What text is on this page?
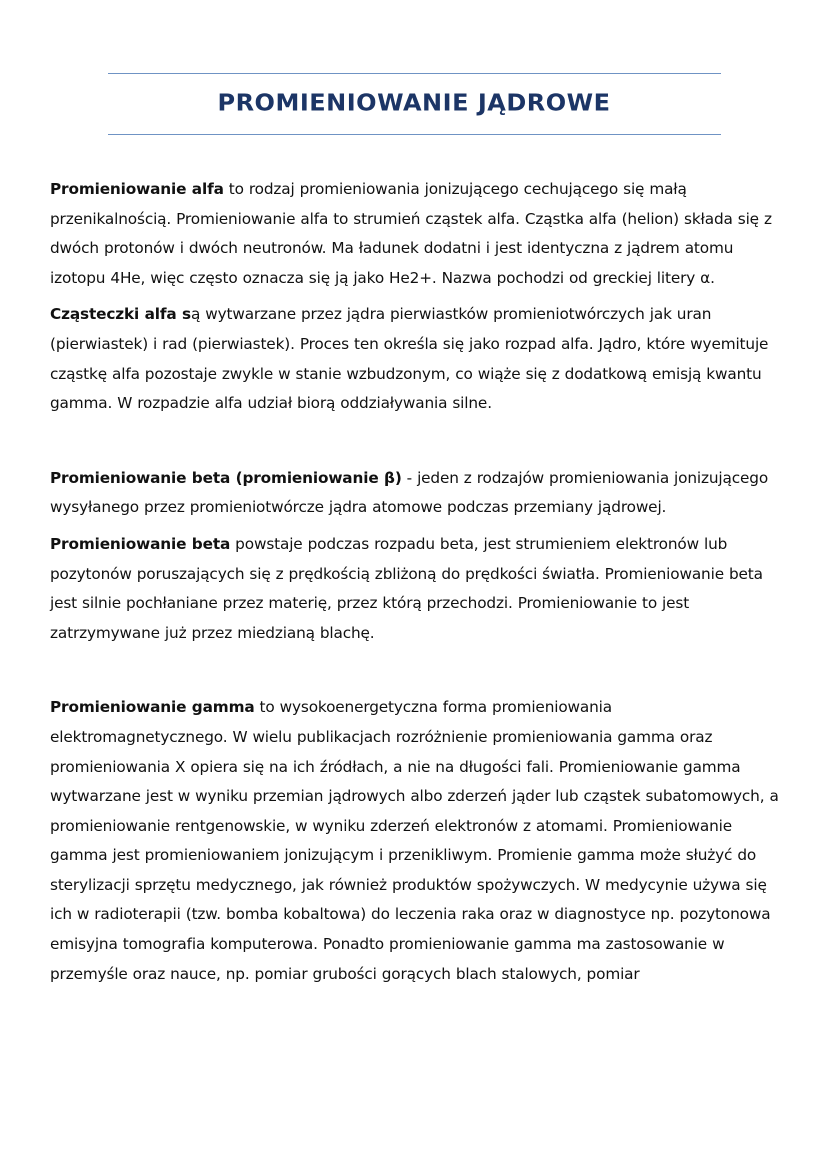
PROMIENIOWANIE JĄDROWE

Promieniowanie alfa to rodzaj promieniowania jonizującego cechującego się małą przenikalnością. Promieniowanie alfa to strumień cząstek alfa. Cząstka alfa (helion) składa się z dwóch protonów i dwóch neutronów. Ma ładunek dodatni i jest identyczna z jądrem atomu izotopu 4He, więc często oznacza się ją jako He2+. Nazwa pochodzi od greckiej litery α.

Cząsteczki alfa są wytwarzane przez jądra pierwiastków promieniotwórczych jak uran (pierwiastek) i rad (pierwiastek). Proces ten określa się jako rozpad alfa. Jądro, które wyemituje cząstkę alfa pozostaje zwykle w stanie wzbudzonym, co wiąże się z dodatkową emisją kwantu gamma. W rozpadzie alfa udział biorą oddziaływania silne.

Promieniowanie beta (promieniowanie β) - jeden z rodzajów promieniowania jonizującego wysyłanego przez promieniotwórcze jądra atomowe podczas przemiany jądrowej.

Promieniowanie beta powstaje podczas rozpadu beta, jest strumieniem elektronów lub pozytonów poruszających się z prędkością zbliżoną do prędkości światła. Promieniowanie beta jest silnie pochłaniane przez materię, przez którą przechodzi. Promieniowanie to jest zatrzymywane już przez miedzianą blachę.

Promieniowanie gamma to wysokoenergetyczna forma promieniowania elektromagnetycznego. W wielu publikacjach rozróżnienie promieniowania gamma oraz promieniowania X opiera się na ich źródłach, a nie na długości fali. Promieniowanie gamma wytwarzane jest w wyniku przemian jądrowych albo zderzeń jąder lub cząstek subatomowych, a promieniowanie rentgenowskie, w wyniku zderzeń elektronów z atomami. Promieniowanie gamma jest promieniowaniem jonizującym i przenikliwym. Promienie gamma może służyć do sterylizacji sprzętu medycznego, jak również produktów spożywczych. W medycynie używa się ich w radioterapii (tzw. bomba kobaltowa) do leczenia raka oraz w diagnostyce np. pozytonowa emisyjna tomografia komputerowa. Ponadto promieniowanie gamma ma zastosowanie w przemyśle oraz nauce, np. pomiar grubości gorących blach stalowych, pomiar
